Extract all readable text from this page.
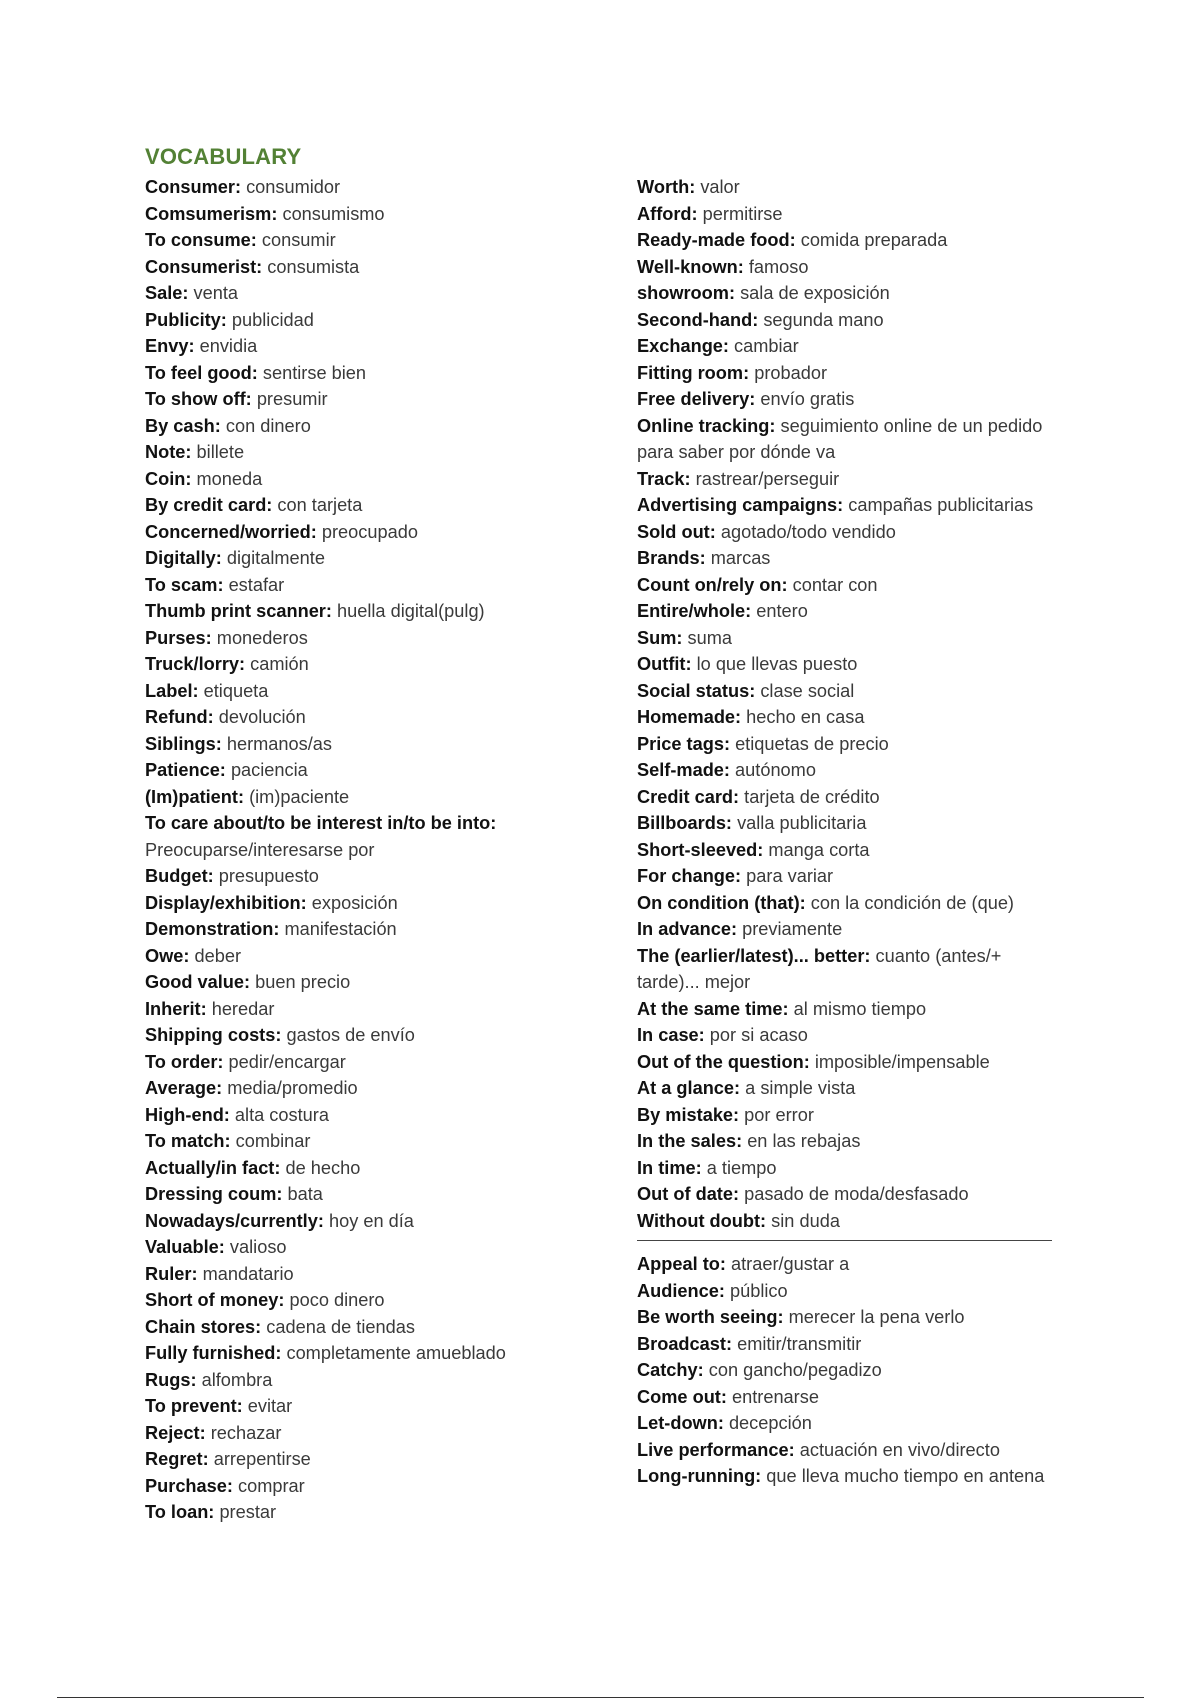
VOCABULARY

Consumer: consumidor

Comsumerism: consumismo

To consume: consumir

Consumerist: consumista

Sale: venta

Publicity: publicidad

Envy: envidia

To feel good: sentirse bien

To show off: presumir

By cash: con dinero

Note: billete

Coin: moneda

By credit card: con tarjeta

Concerned/worried: preocupado

Digitally: digitalmente

To scam: estafar

Thumb print scanner: huella digital(pulg)

Purses: monederos

Truck/lorry: camión

Label: etiqueta

Refund: devolución

Siblings: hermanos/as

Patience: paciencia

(Im)patient: (im)paciente

To care about/to be interest in/to be into: Preocuparse/interesarse por

Budget: presupuesto

Display/exhibition: exposición

Demonstration: manifestación

Owe: deber

Good value: buen precio

Inherit: heredar

Shipping costs: gastos de envío

To order: pedir/encargar

Average: media/promedio

High-end: alta costura

To match: combinar

Actually/in fact: de hecho

Dressing coum: bata

Nowadays/currently: hoy en día

Valuable: valioso

Ruler: mandatario

Short of money: poco dinero

Chain stores: cadena de tiendas

Fully furnished: completamente amueblado

Rugs: alfombra

To prevent: evitar

Reject: rechazar

Regret: arrepentirse

Purchase: comprar

To loan: prestar

Worth: valor

Afford: permitirse

Ready-made food: comida preparada

Well-known: famoso

showroom: sala de exposición

Second-hand: segunda mano

Exchange: cambiar

Fitting room: probador

Free delivery: envío gratis

Online tracking: seguimiento online de un pedido para saber por dónde va

Track: rastrear/perseguir

Advertising campaigns: campañas publicitarias

Sold out: agotado/todo vendido

Brands: marcas

Count on/rely on: contar con

Entire/whole: entero

Sum: suma

Outfit: lo que llevas puesto

Social status: clase social

Homemade: hecho en casa

Price tags: etiquetas de precio

Self-made: autónomo

Credit card: tarjeta de crédito

Billboards: valla publicitaria

Short-sleeved: manga corta

For change: para variar

On condition (that): con la condición de (que)

In advance: previamente

The (earlier/latest)... better: cuanto (antes/+ tarde)... mejor

At the same time: al mismo tiempo

In case: por si acaso

Out of the question: imposible/impensable

At a glance: a simple vista

By mistake: por error

In the sales: en las rebajas

In time: a tiempo

Out of date: pasado de moda/desfasado

Without doubt: sin duda

Appeal to: atraer/gustar a

Audience: público

Be worth seeing: merecer la pena verlo

Broadcast: emitir/transmitir

Catchy: con gancho/pegadizo

Come out: entrenarse

Let-down: decepción

Live performance: actuación en vivo/directo

Long-running: que lleva mucho tiempo en antena
